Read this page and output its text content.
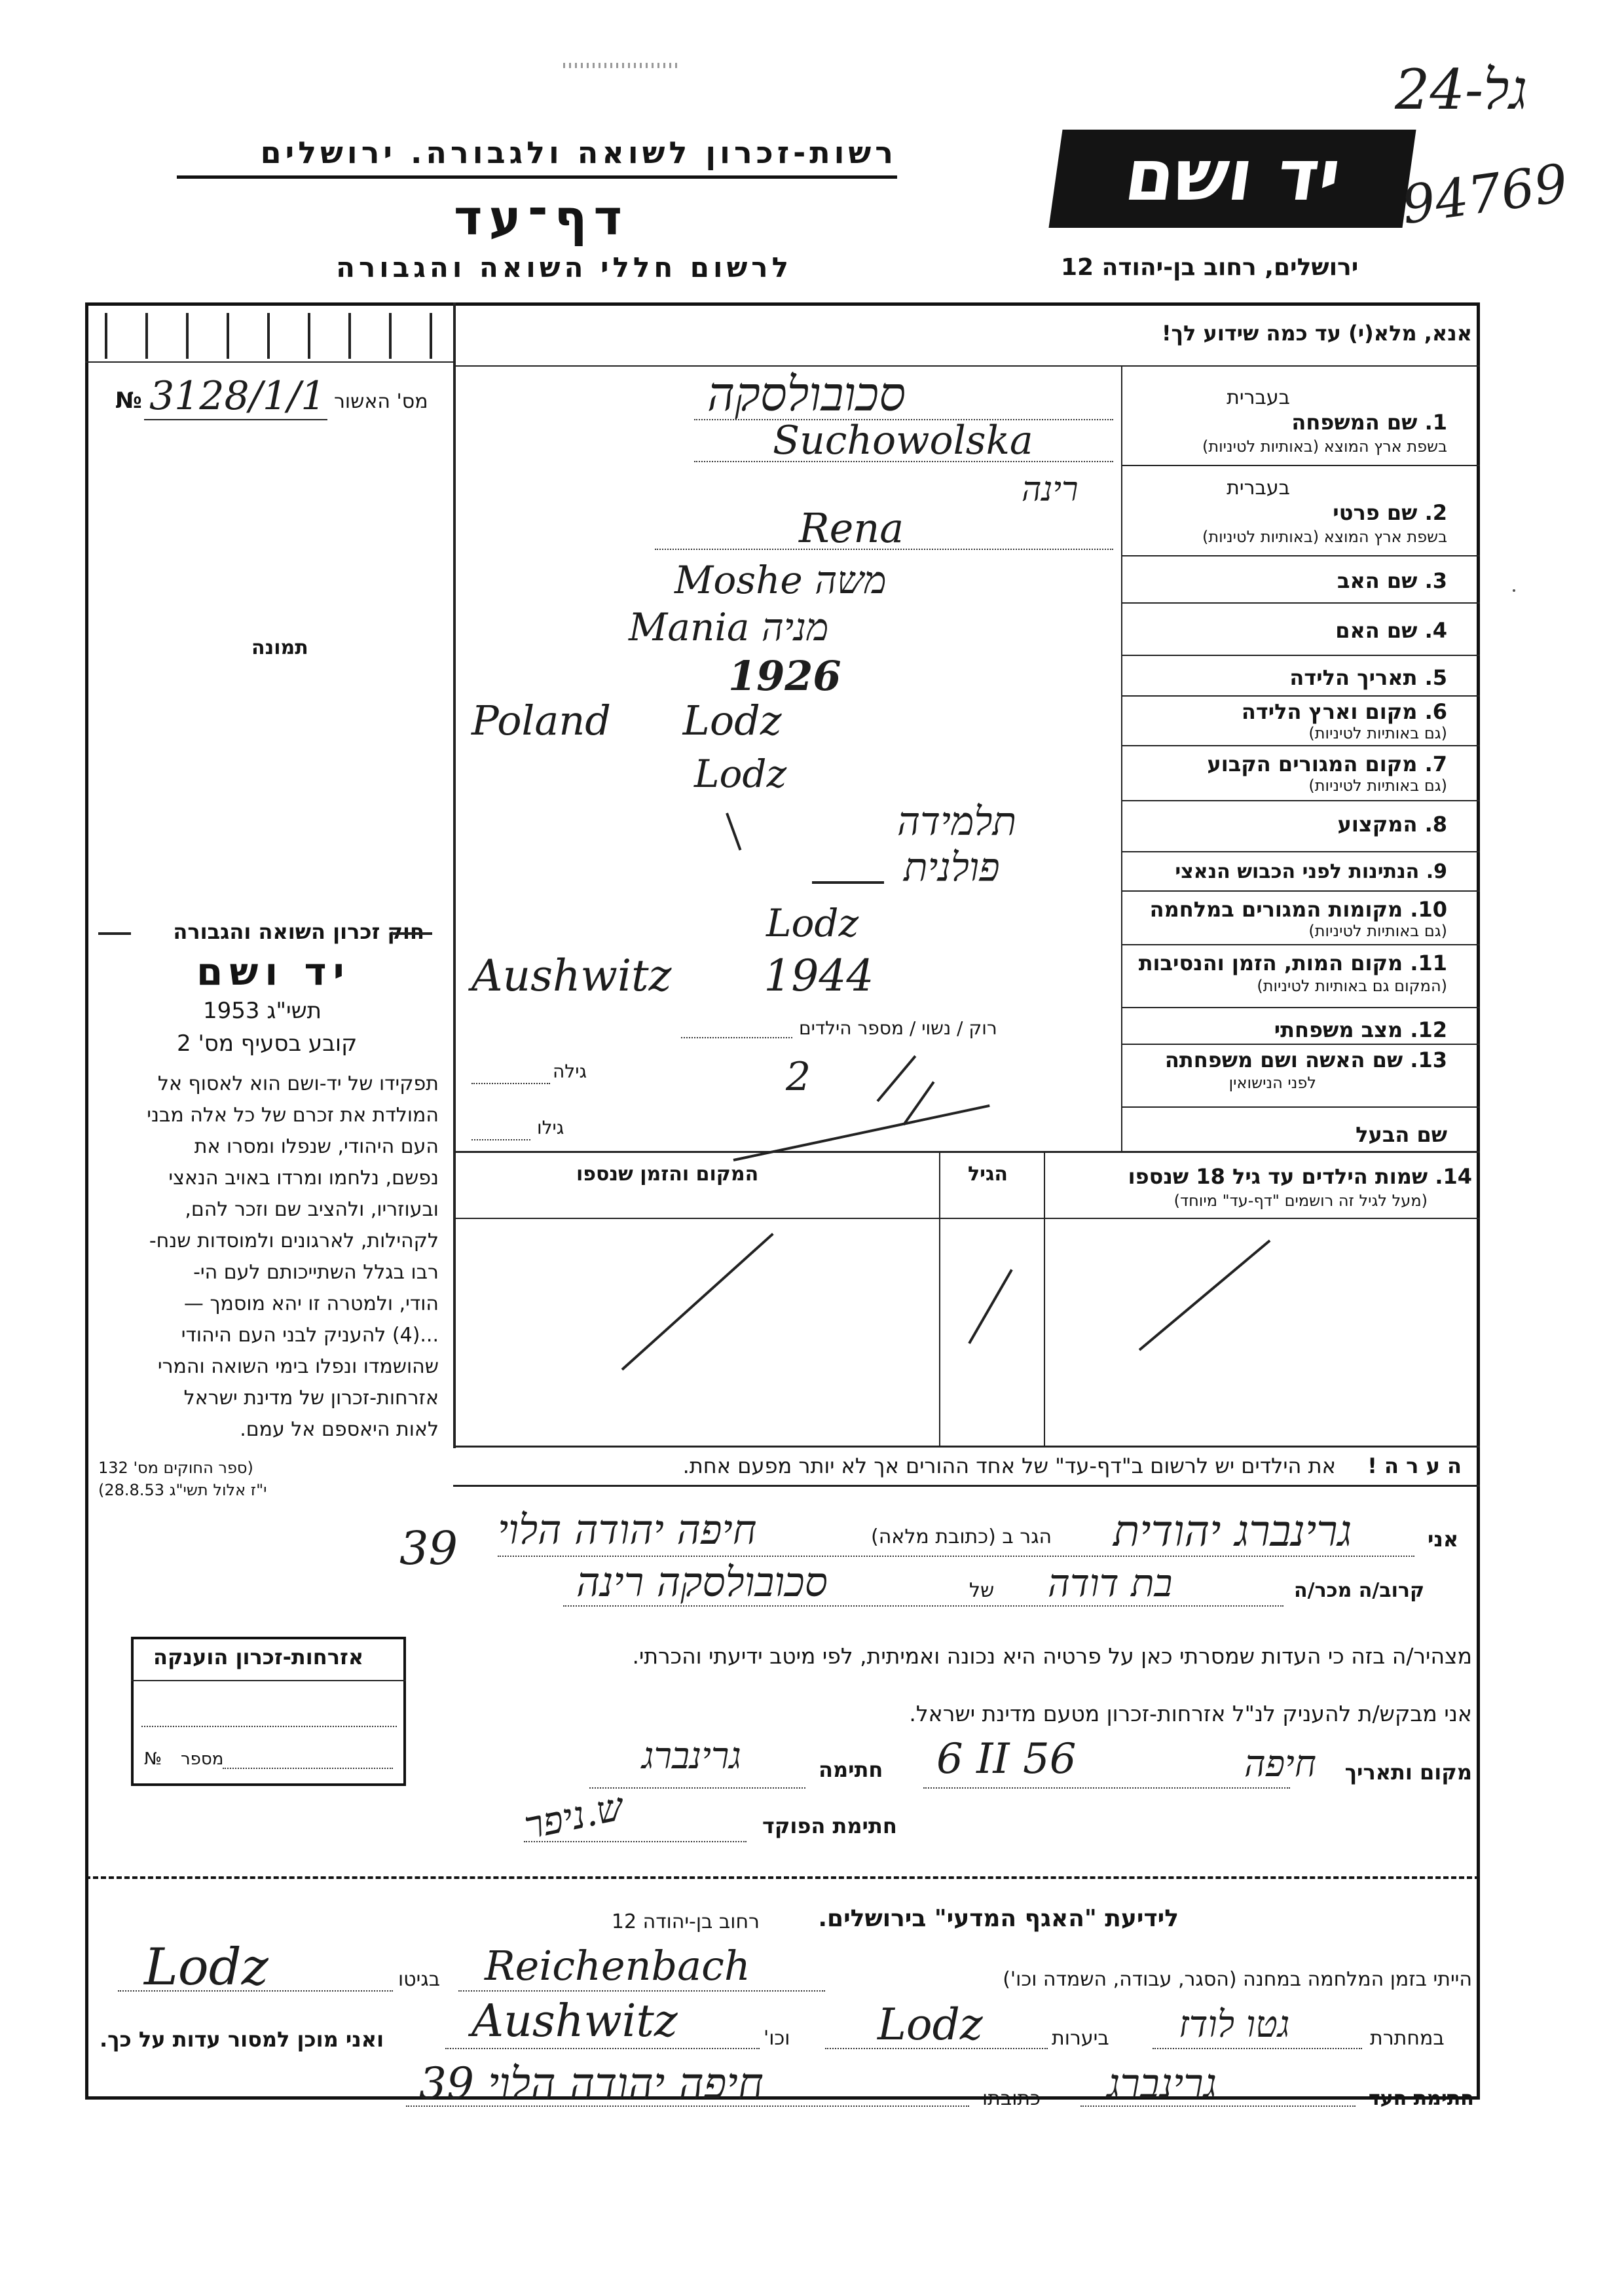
רשות-זכרון לשואה ולגבורה. ירושלים
דף־עד
לרשום חללי השואה והגבורה
יד ושם
ירושלים, רחוב בן-יהודה 12
24-גל
94769
מס' האשור
№ 3128/1/1
תמונה
חוק זכרון השואה והגבורה
יד ושם
תשי"ג 1953
קובע בסעיף מס' 2
תפקידו של יד-ושם הוא לאסוף אל
המולדת את זכרם של כל אלה מבני
העם היהודי, שנפלו ומסרו את
נפשם, נלחמו ומרדו באויב הנאצי
ובעוזריו, ולהציב שם וזכר להם,
לקהילות, לארגונים ולמוסדות שנח-
רבו בגלל השתייכותם לעם הי-
הודי, ולמטרה זו יהא מוסמך —
...(4) להעניק לבני העם היהודי
שהושמדו ונפלו בימי השואה והמרי
אזרחות-זכרון של מדינת ישראל
לאות היאספם אל עמם.
(ספר החוקים מס' 132
י"ז אלול תשי"ג 28.8.53)
אנא, מלא(י) עד כמה שידוע לך!
בעברית
1. שם המשפחה
בשפת ארץ המוצא (באותיות לטיניות)
סכובולסקה
Suchowolska
בעברית
2. שם פרטי
בשפת ארץ המוצא (באותיות לטיניות)
רינה
Rena
3. שם האב
Moshe משה
4. שם האם
Mania מניה
5. תאריך הלידה
1926
6. מקום וארץ הלידה
(גם באותיות לטיניות)
Poland Lodz
7. מקום המגורים הקבוע
(גם באותיות לטיניות)
Lodz
8. המקצוע
תלמידה
9. הנתינות לפני הכבוש הנאצי
פולנית
10. מקומות המגורים במלחמה
(גם באותיות לטיניות)
Lodz
11. מקום המות, הזמן והנסיבות
(המקום גם באותיות לטיניות)
Aushwitz 1944
12. מצב משפחתי
רוק / נשוי / מספר הילדים
13. שם האשה ושם משפחתה
לפני הנישואין
גילה	2
שם הבעל
גילו
14. שמות הילדים עד גיל 18 שנספו
(מעל לגיל זה רושמים "דף-עד" מיוחד)
הגיל
המקום והזמן שנספו
ה ע ר ה !
את הילדים יש לרשום ב"דף-עד" של אחד ההורים אך לא יותר מפעם אחת.
אני
גרינברג יהודית
הגר ב (כתובת מלאה)
חיפה יהודה הלוי
39
קרוב/ה מכר/ה
בת דודה
של
סכובולסקה רינה
מצהיר/ה בזה כי העדות שמסרתי כאן על פרטיה היא נכונה ואמיתית, לפי מיטב ידיעתי והכרתי.
אני מבקש/ת להעניק לנ"ל אזרחות-זכרון מטעם מדינת ישראל.
מקום ותאריך
חיפה
6 II 56
חתימה
גרינברג
חתימת הפוקד
ש.ניפר
אזרחות-זכרון הוענקה
מספר
№
לידיעת "האגף המדעי" בירושלים.
רחוב בן-יהודה 12
הייתי בזמן המלחמה במחנה (הסגר, עבודה, השמדה וכו')
Reichenbach
בגיטו
Lodz
במחתרת
גטו לודז
ביערות
Lodz
וכו'
Aushwitz
ואני מוכן למסור עדות על כך.
חתימת העד
גרינברג
כתובתו
חיפה יהודה הלוי 39
